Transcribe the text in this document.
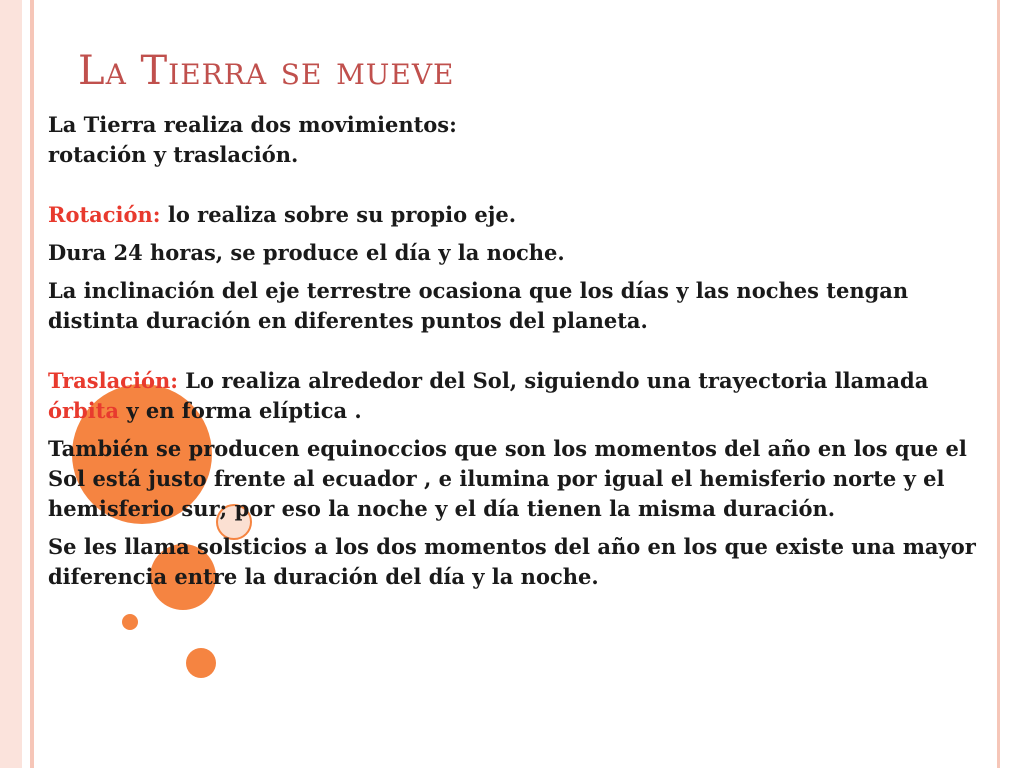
La Tierra se mueve

La Tierra realiza dos movimientos:

rotación y traslación.

Rotación: lo realiza sobre su propio eje.

Dura 24 horas, se produce el día y la noche.

La inclinación del eje terrestre ocasiona que los días y las noches tengan distinta duración en diferentes puntos del planeta.

Traslación: Lo realiza alrededor del Sol, siguiendo una trayectoria llamada órbita y en forma elíptica .

También se producen equinoccios que son los momentos del año en los que el Sol está justo frente al ecuador , e ilumina por igual el hemisferio norte y el hemisferio sur; por eso la noche y el día tienen la misma duración.

Se les llama solsticios a los dos momentos del año en los que existe una mayor diferencia entre la duración del día y la noche.
